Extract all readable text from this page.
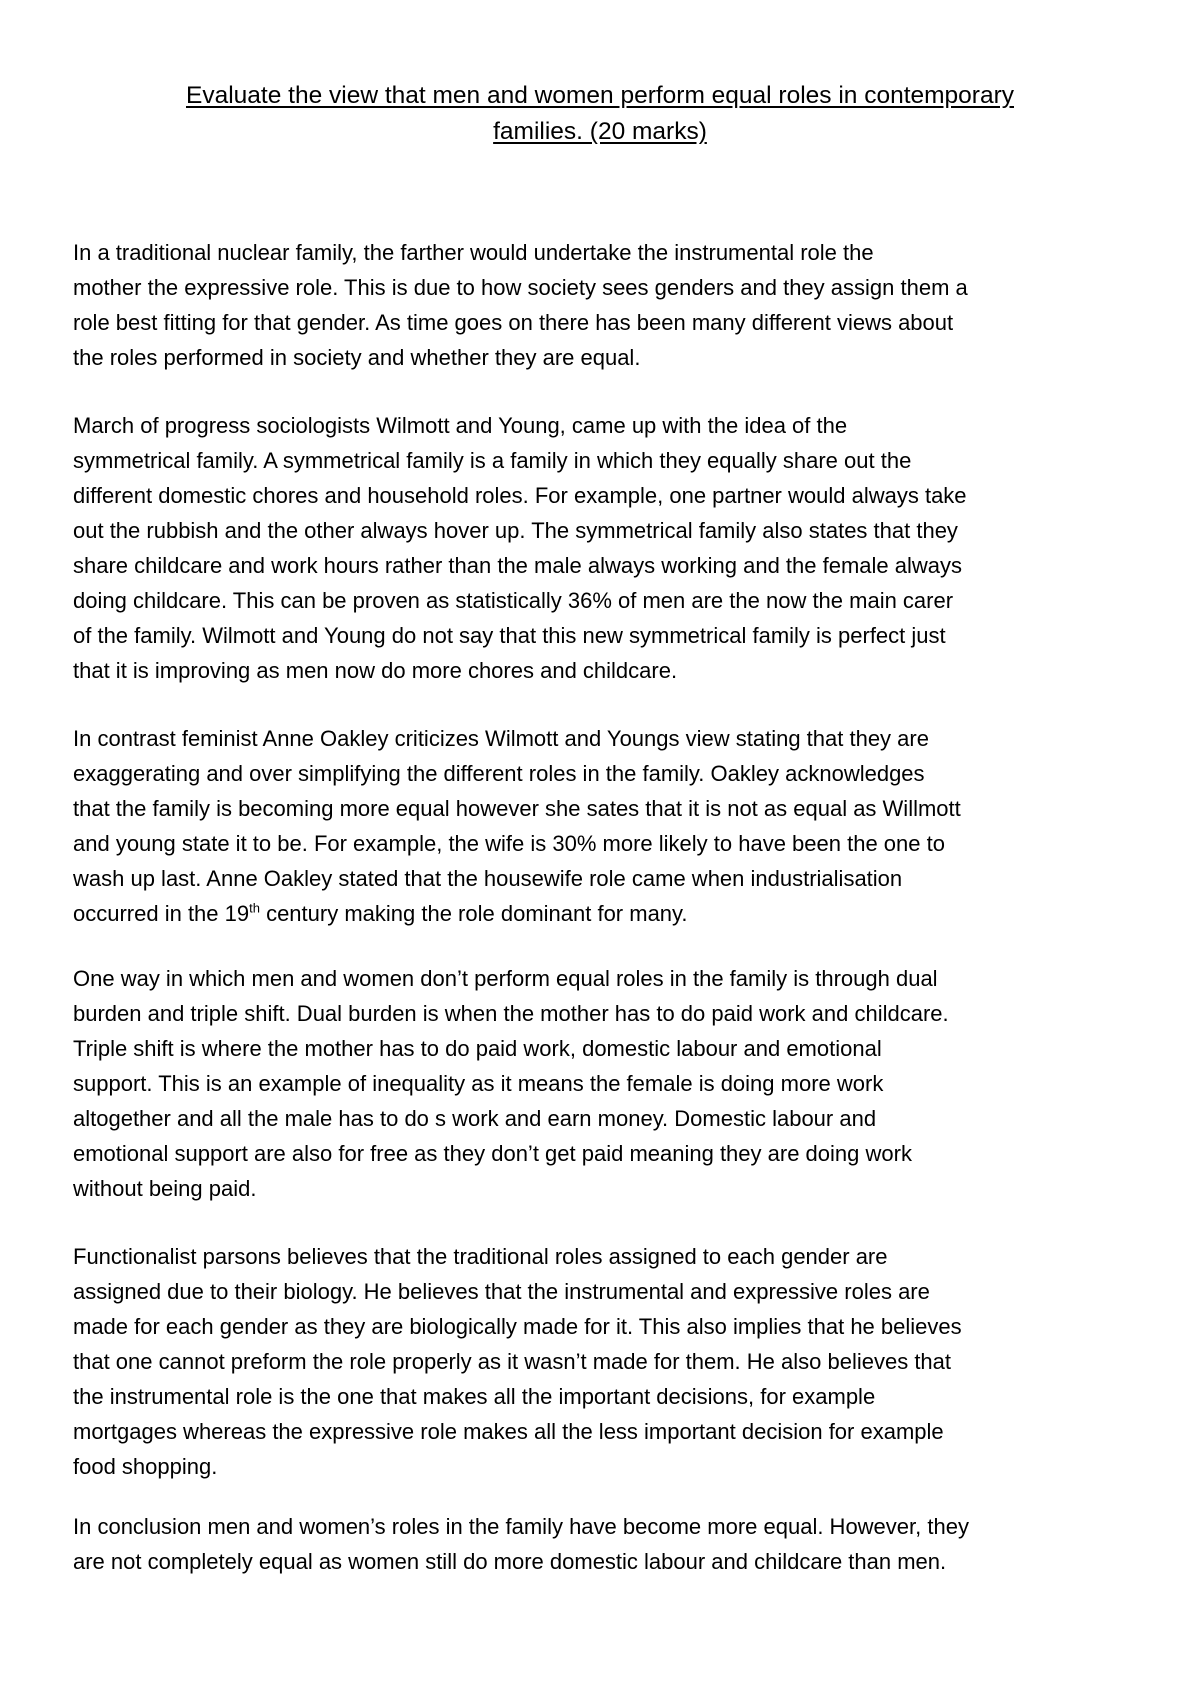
Evaluate the view that men and women perform equal roles in contemporary
families. (20 marks)

In a traditional nuclear family, the farther would undertake the instrumental role the
mother the expressive role. This is due to how society sees genders and they assign them a
role best fitting for that gender. As time goes on there has been many different views about
the roles performed in society and whether they are equal.

March of progress sociologists Wilmott and Young, came up with the idea of the
symmetrical family. A symmetrical family is a family in which they equally share out the
different domestic chores and household roles. For example, one partner would always take
out the rubbish and the other always hover up. The symmetrical family also states that they
share childcare and work hours rather than the male always working and the female always
doing childcare. This can be proven as statistically 36% of men are the now the main carer
of the family. Wilmott and Young do not say that this new symmetrical family is perfect just
that it is improving as men now do more chores and childcare.

In contrast feminist Anne Oakley criticizes Wilmott and Youngs view stating that they are
exaggerating and over simplifying the different roles in the family. Oakley acknowledges
that the family is becoming more equal however she sates that it is not as equal as Willmott
and young state it to be. For example, the wife is 30% more likely to have been the one to
wash up last. Anne Oakley stated that the housewife role came when industrialisation
occurred in the 19th century making the role dominant for many.

One way in which men and women don’t perform equal roles in the family is through dual
burden and triple shift. Dual burden is when the mother has to do paid work and childcare.
Triple shift is where the mother has to do paid work, domestic labour and emotional
support. This is an example of inequality as it means the female is doing more work
altogether and all the male has to do s work and earn money. Domestic labour and
emotional support are also for free as they don’t get paid meaning they are doing work
without being paid.

Functionalist parsons believes that the traditional roles assigned to each gender are
assigned due to their biology. He believes that the instrumental and expressive roles are
made for each gender as they are biologically made for it. This also implies that he believes
that one cannot preform the role properly as it wasn’t made for them. He also believes that
the instrumental role is the one that makes all the important decisions, for example
mortgages whereas the expressive role makes all the less important decision for example
food shopping.

In conclusion men and women’s roles in the family have become more equal. However, they
are not completely equal as women still do more domestic labour and childcare than men.
